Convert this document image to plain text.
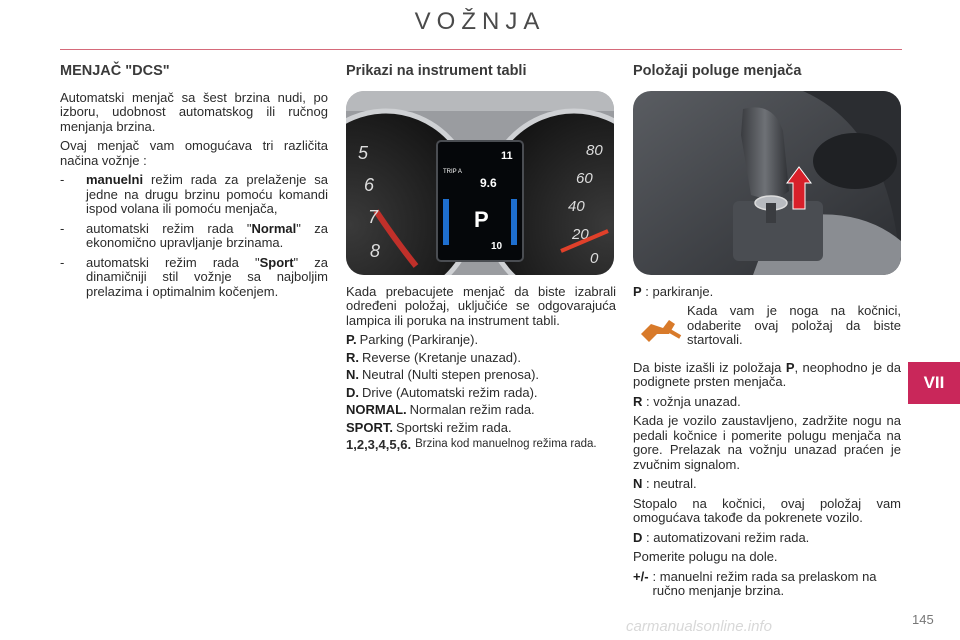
VOŽNJA
VII
MENJAČ "DCS"

Automatski menjač sa šest brzina nudi, po izboru, udobnost automatskog ili ručnog menjanja brzina.

Ovaj menjač vam omogućava tri različita načina vožnje :

- manuelni režim rada za prelaženje sa jedne na drugu brzinu pomoću komandi ispod volana ili pomoću menjača,
- automatski režim rada "Normal" za ekonomično upravljanje brzinama.
- automatski režim rada "Sport" za dinamičniji stil vožnje sa najboljim prelazima i optimalnim kočenjem.
Prikazi na instrument tabli
5
6
7
8
80
60
40
20
0
11
TRIP A
9.6
P
10

Kada prebacujete menjač da biste izabrali određeni položaj, uključiće se odgovarajuća lampica ili poruka na instrument tabli.

P. Parking (Parkiranje).
R. Reverse (Kretanje unazad).
N. Neutral (Nulti stepen prenosa).
D. Drive (Automatski režim rada).
NORMAL. Normalan režim rada.
SPORT. Sportski režim rada.
1,2,3,4,5,6. Brzina kod manuelnog režima rada.
Položaji poluge menjača

P : parkiranje.

Kada vam je noga na kočnici, odaberite ovaj položaj da biste startovali.

Da biste izašli iz položaja P, neophodno je da podignete prsten menjača.

R : vožnja unazad.

Kada je vozilo zaustavljeno, zadržite nogu na pedali kočnice i pomerite polugu menjača na gore. Prelazak na vožnju unazad praćen je zvučnim signalom.

N : neutral.

Stopalo na kočnici, ovaj položaj vam omogućava takođe da pokrenete vozilo.

D : automatizovani režim rada.

Pomerite polugu na dole.

+/- : manuelni režim rada sa prelaskom na ručno menjanje brzina.
carmanualsonline.info	145
